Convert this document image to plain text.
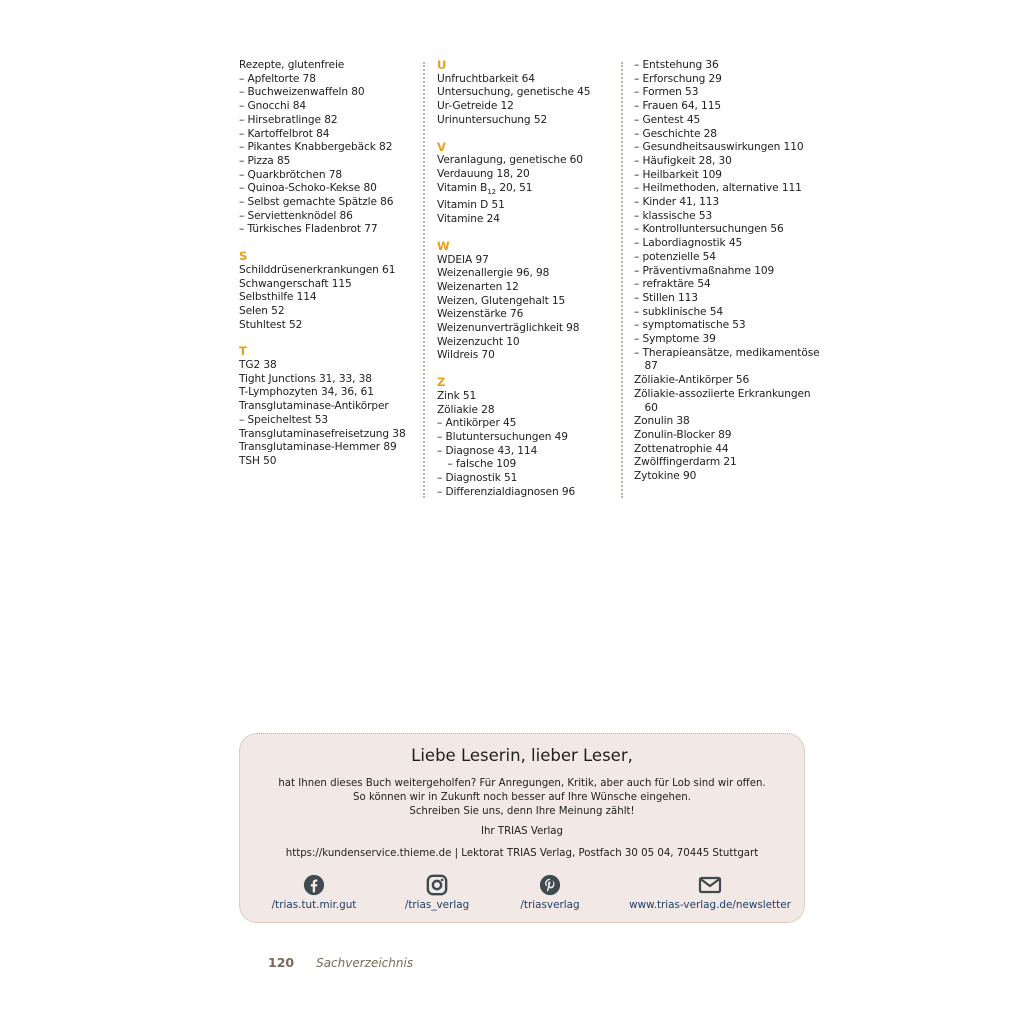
Rezepte, glutenfreie
– Apfeltorte 78
– Buchweizenwaffeln 80
– Gnocchi 84
– Hirsebratlinge 82
– Kartoffelbrot 84
– Pikantes Knabbergebäck 82
– Pizza 85
– Quarkbrötchen 78
– Quinoa-Schoko-Kekse 80
– Selbst gemachte Spätzle 86
– Serviettenknödel 86
– Türkisches Fladenbrot 77
S
Schilddrüsenerkrankungen 61
Schwangerschaft 115
Selbsthilfe 114
Selen 52
Stuhltest 52
T
TG2 38
Tight Junctions 31, 33, 38
T-Lymphozyten 34, 36, 61
Transglutaminase-Antikörper
– Speicheltest 53
Transglutaminasefreisetzung 38
Transglutaminase-Hemmer 89
TSH 50
U
Unfruchtbarkeit 64
Untersuchung, genetische 45
Ur-Getreide 12
Urinuntersuchung 52
V
Veranlagung, genetische 60
Verdauung 18, 20
Vitamin $B_{12}$ 20, 51
Vitamin D 51
Vitamine 24
W
WDEIA 97
Weizenallergie 96, 98
Weizenarten 12
Weizen, Glutengehalt 15
Weizenstärke 76
Weizenunverträglichkeit 98
Weizenzucht 10
Wildreis 70
Z
Zink 51
Zöliakie 28
– Antikörper 45
– Blutuntersuchungen 49
– Diagnose 43, 114
– falsche 109
– Diagnostik 51
– Differenzialdiagnosen 96
– Entstehung 36
– Erforschung 29
– Formen 53
– Frauen 64, 115
– Gentest 45
– Geschichte 28
– Gesundheitsauswirkungen 110
– Häufigkeit 28, 30
– Heilbarkeit 109
– Heilmethoden, alternative 111
– Kinder 41, 113
– klassische 53
– Kontrolluntersuchungen 56
– Labordiagnostik 45
– potenzielle 54
– Präventivmaßnahme 109
– refraktäre 54
– Stillen 113
– subklinische 54
– symptomatische 53
– Symptome 39
– Therapieansätze, medikamentöse 87
Zöliakie-Antikörper 56
Zöliakie-assoziierte Erkrankungen 60
Zonulin 38
Zonulin-Blocker 89
Zottenatrophie 44
Zwölffingerdarm 21
Zytokine 90
Liebe Leserin, lieber Leser,
hat Ihnen dieses Buch weitergeholfen? Für Anregungen, Kritik, aber auch für Lob sind wir offen.
So können wir in Zukunft noch besser auf Ihre Wünsche eingehen.
Schreiben Sie uns, denn Ihre Meinung zählt!
Ihr TRIAS Verlag
https://kundenservice.thieme.de | Lektorat TRIAS Verlag, Postfach 30 05 04, 70445 Stuttgart
/trias.tut.mir.gut	/trias_verlag	/triasverlag	www.trias-verlag.de/newsletter
120 Sachverzeichnis
